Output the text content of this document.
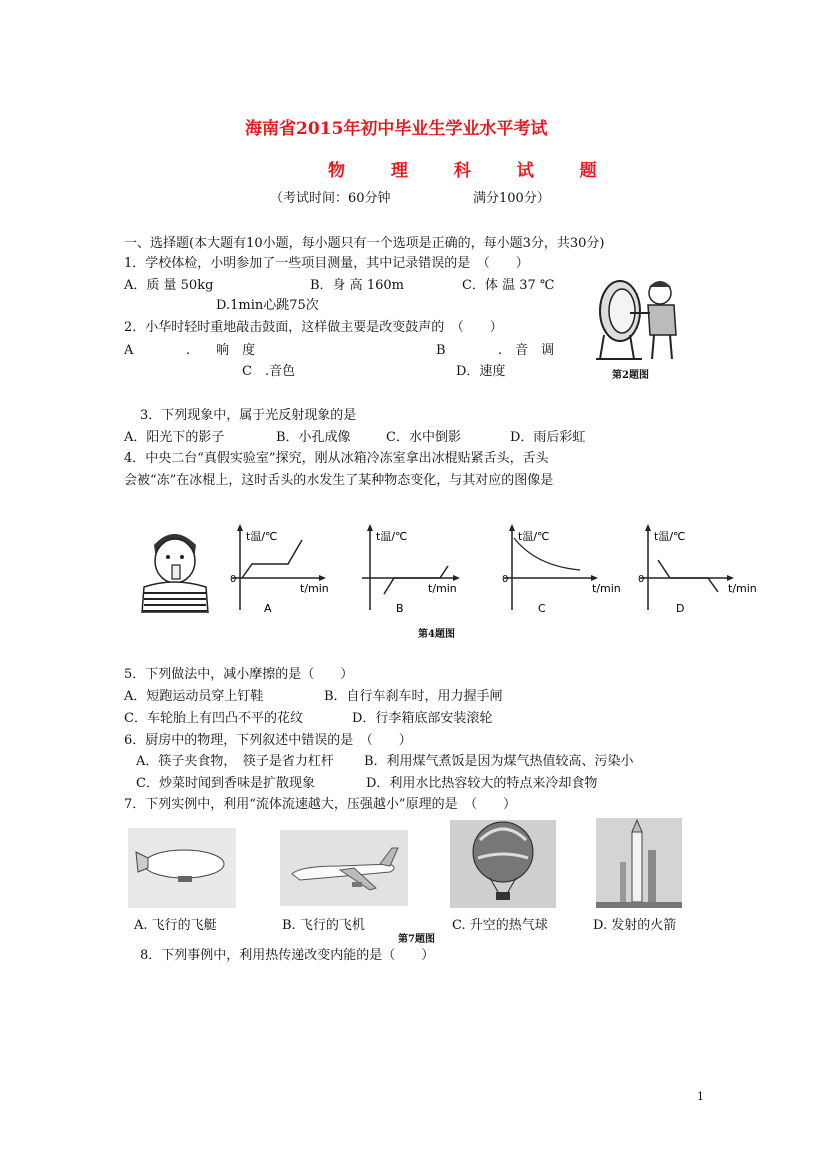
海南省2015年初中毕业生学业水平考试
物 理 科 试 题
（考试时间：60分钟	满分100分）
一、选择题(本大题有10小题，每小题只有一个选项是正确的，每小题3分，共30分)
1．学校体检，小明参加了一些项目测量，其中记录错误的是　（　　）
A．质 量 50kg	B．身 高 160m	C．体 温 37 ℃
D.1min心跳75次
2．小华时轻时重地敲击鼓面，这样做主要是改变鼓声的　（　　）
A	.　　响　度	B	.　音　调
C　.音色	D．速度	第2题图
3．下列现象中，属于光反射现象的是
A．阳光下的影子	B．小孔成像	C．水中倒影	D．雨后彩虹
4．中央二台“真假实验室”探究，刚从冰箱冷冻室拿出冰棍贴紧舌头，舌头
会被“冻”在冰棍上，这时舌头的水发生了某种物态变化，与其对应的图像是
t温/℃
t/min
0
A
t温/℃
t/min
B
t温/℃
t/min
0
C
t温/℃
t/min
0
D
第4题图
5．下列做法中，减小摩擦的是（　　）
A．短跑运动员穿上钉鞋	B．自行车刹车时，用力握手闸
C．车轮胎上有凹凸不平的花纹	D．行李箱底部安装滚轮
6．厨房中的物理，下列叙述中错误的是　（　　）
A．筷子夹食物，　筷子是省力杠杆 B．利用煤气煮饭是因为煤气热值较高、污染小
C．炒菜时闻到香味是扩散现象	D．利用水比热容较大的特点来冷却食物
7．下列实例中，利用“流体流速越大，压强越小”原理的是　（　　）
A. 飞行的飞艇	B. 飞行的飞机
第7题图
C. 升空的热气球	D. 发射的火箭
8．下列事例中，利用热传递改变内能的是（　　）
1
